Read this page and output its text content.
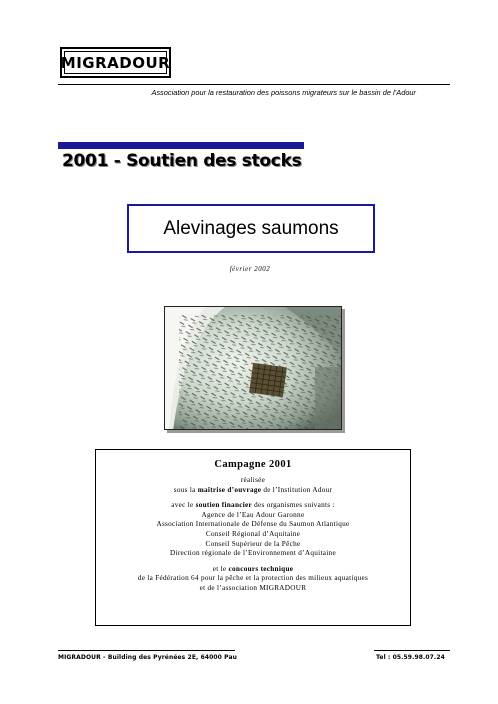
MIGRADOUR
Association pour la restauration des poissons migrateurs sur le bassin de l’Adour
2001 - Soutien des stocks
Alevinages saumons
février 2002
Campagne 2001
réalisée
sous la maîtrise d’ouvrage de l’Institution Adour
avec le soutien financier des organismes suivants :
Agence de l’Eau Adour Garonne
Association Internationale de Défense du Saumon Atlantique
Conseil Régional d’Aquitaine
Conseil Supérieur de la Pêche
Direction régionale de l’Environnement d’Aquitaine
et le concours technique
de la Fédération 64 pour la pêche et la protection des milieux aquatiques
et de l’association MIGRADOUR
MIGRADOUR - Building des Pyrénées 2E, 64000 Pau	Tel : 05.59.98.07.24
